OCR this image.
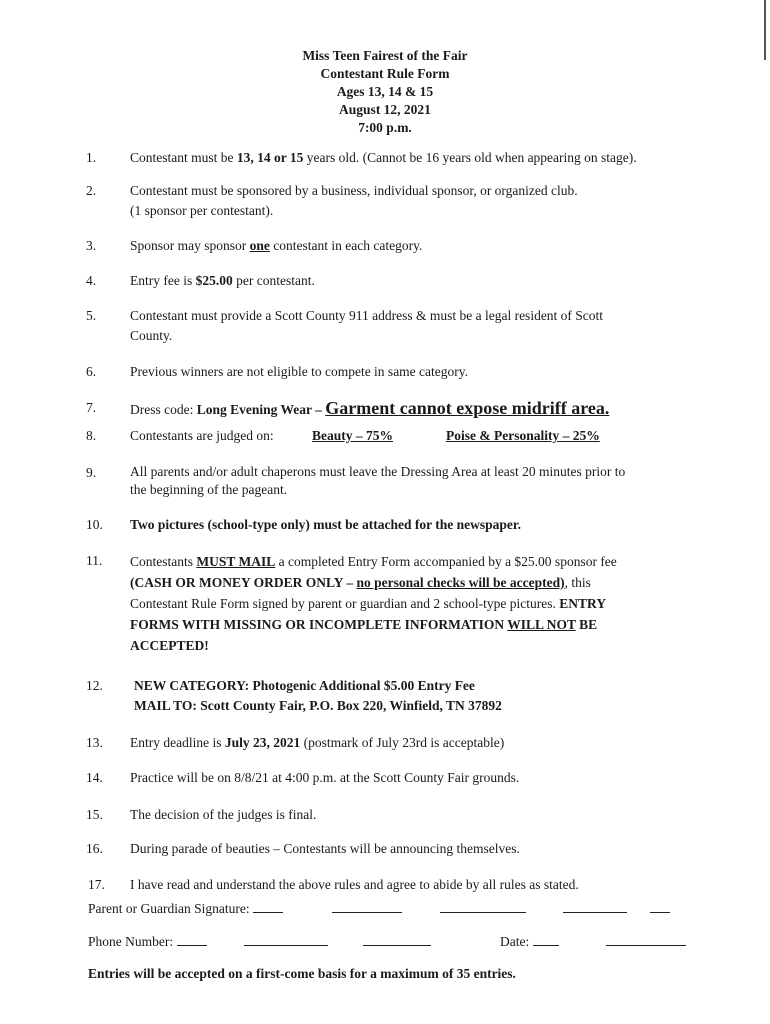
Miss Teen Fairest of the Fair
Contestant Rule Form
Ages 13, 14 & 15
August 12, 2021
7:00 p.m.
1.	Contestant must be 13, 14 or 15 years old. (Cannot be 16 years old when appearing on stage).
2.	Contestant must be sponsored by a business, individual sponsor, or organized club.
(1 sponsor per contestant).
3.	Sponsor may sponsor one contestant in each category.
4.	Entry fee is $25.00 per contestant.
5.	Contestant must provide a Scott County 911 address & must be a legal resident of Scott
County.
6.	Previous winners are not eligible to compete in same category.
7.	Dress code: Long Evening Wear – Garment cannot expose midriff area.
8.	Contestants are judged on:	Beauty – 75%	Poise & Personality – 25%
9.	All parents and/or adult chaperons must leave the Dressing Area at least 20 minutes prior to
the beginning of the pageant.
10. Two pictures (school-type only) must be attached for the newspaper.
11. Contestants MUST MAIL a completed Entry Form accompanied by a $25.00 sponsor fee
(CASH OR MONEY ORDER ONLY – no personal checks will be accepted), this
Contestant Rule Form signed by parent or guardian and 2 school-type pictures. ENTRY
FORMS WITH MISSING OR INCOMPLETE INFORMATION WILL NOT BE
ACCEPTED!
12. NEW CATEGORY: Photogenic Additional $5.00 Entry Fee
MAIL TO: Scott County Fair, P.O. Box 220, Winfield, TN 37892
13. Entry deadline is July 23, 2021 (postmark of July 23rd is acceptable)
14. Practice will be on 8/8/21 at 4:00 p.m. at the Scott County Fair grounds.
15. The decision of the judges is final.
16. During parade of beauties – Contestants will be announcing themselves.
17. I have read and understand the above rules and agree to abide by all rules as stated.
Parent or Guardian Signature:
Phone Number:	Date:
Entries will be accepted on a first-come basis for a maximum of 35 entries.
